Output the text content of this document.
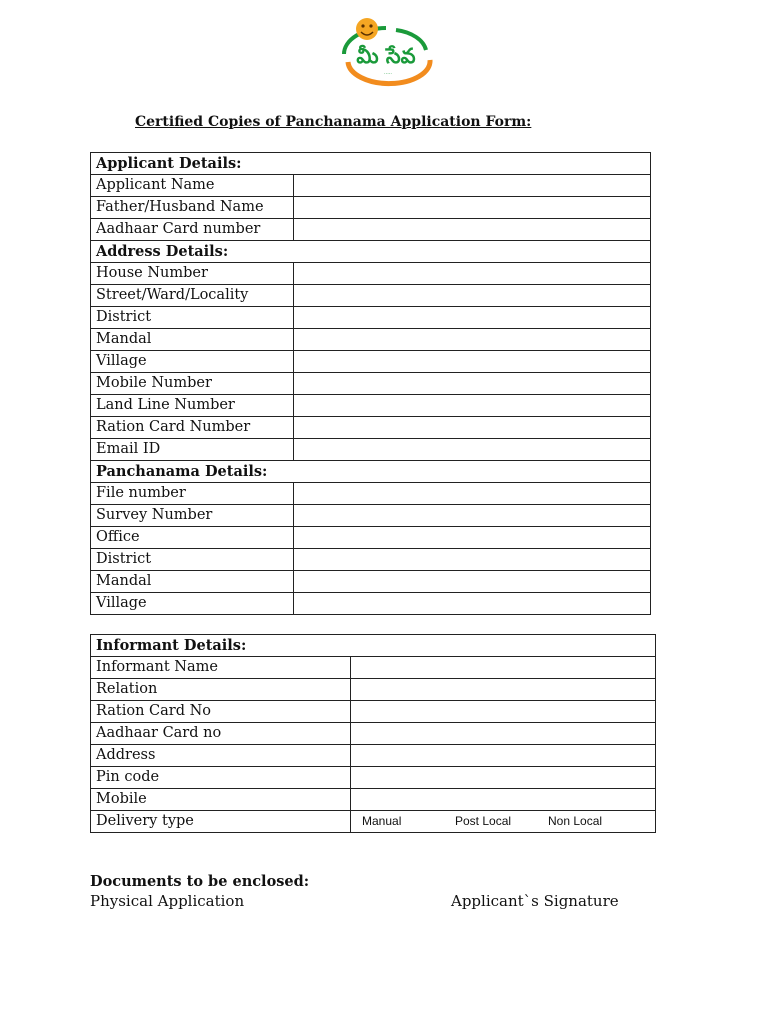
మీ సేవ
.....
Certified Copies of Panchanama Application Form:
Applicant Details:	
Applicant Name	
Father/Husband Name	
Aadhaar Card number	
Address Details:	
House Number	
Street/Ward/Locality	
District	
Mandal	
Village	
Mobile Number	
Land Line Number	
Ration Card Number	
Email ID	
Panchanama Details:	
File number	
Survey Number	
Office	
District	
Mandal	
Village	
Informant Details:	
Informant Name	
Relation	
Ration Card No	
Aadhaar Card no	
Address	
Pin code	
Mobile	
Delivery type	Manual Post Local Non Local
Documents to be enclosed:
Physical Application	Applicant`s Signature
